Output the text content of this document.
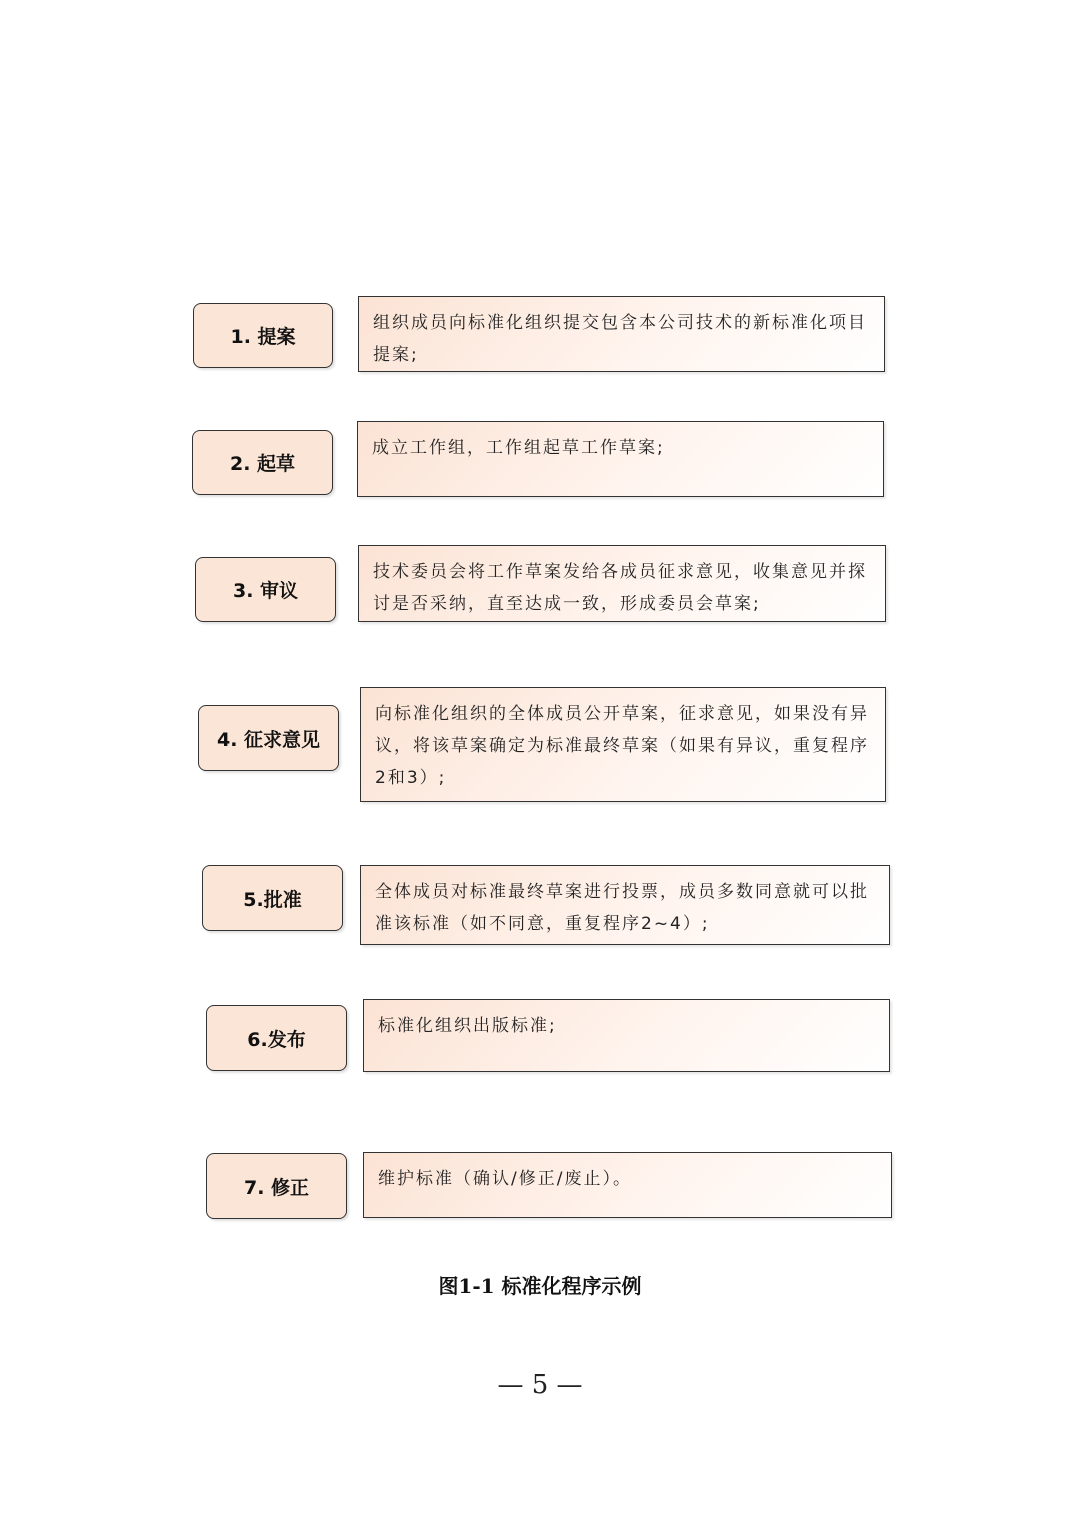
1. 提案
组织成员向标准化组织提交包含本公司技术的新标准化项目提案;
2. 起草
成立工作组，工作组起草工作草案;
3. 审议
技术委员会将工作草案发给各成员征求意见，收集意见并探讨是否采纳，直至达成一致，形成委员会草案;
4. 征求意见
向标准化组织的全体成员公开草案，征求意见，如果没有异议，将该草案确定为标准最终草案（如果有异议，重复程序2和3）;
5.批准	全体成员对标准最终草案进行投票，成员多数同意就可以批准该标准（如不同意，重复程序2~4）;
6.发布
标准化组织出版标准;
7. 修正	维护标准（确认/修正/废止）。
图1-1 标准化程序示例
— 5 —
